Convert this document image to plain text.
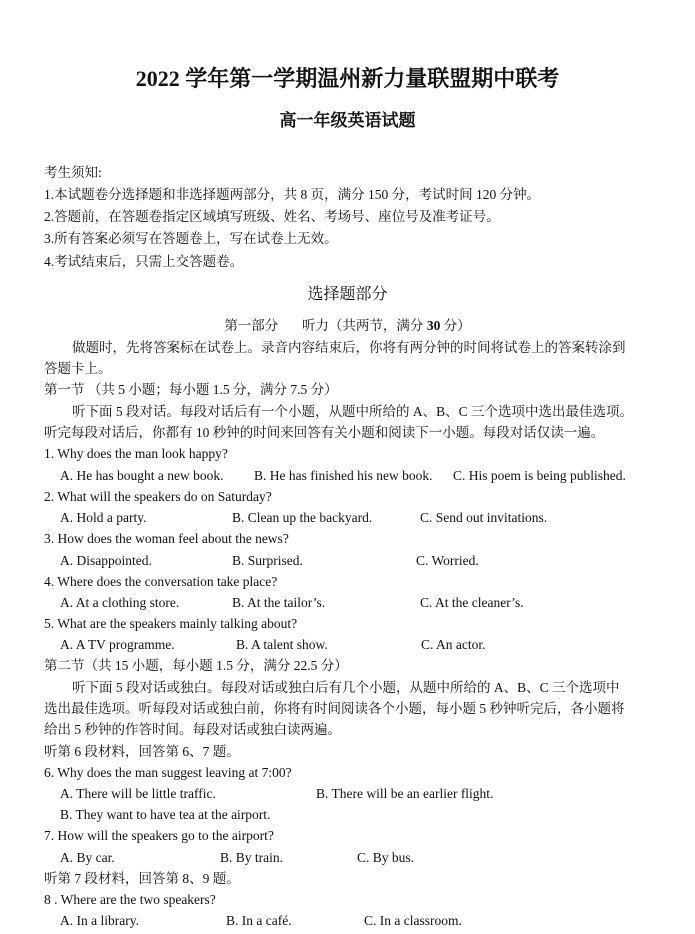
2022 学年第一学期温州新力量联盟期中联考
高一年级英语试题
考生须知:
1.本试题卷分选择题和非选择题两部分，共 8 页，满分 150 分，考试时间 120 分钟。
2.答题前，在答题卷指定区域填写班级、姓名、考场号、座位号及准考证号。
3.所有答案必须写在答题卷上，写在试卷上无效。
4.考试结束后，只需上交答题卷。
选择题部分
第一部分 听力（共两节，满分 30 分）
做题时，先将答案标在试卷上。录音内容结束后，你将有两分钟的时间将试卷上的答案转涂到
答题卡上。
第一节 （共 5 小题；每小题 1.5 分，满分 7.5 分）
听下面 5 段对话。每段对话后有一个小题，从题中所给的 A、B、C 三个选项中选出最佳选项。
听完每段对话后，你都有 10 秒钟的时间来回答有关小题和阅读下一小题。每段对话仅读一遍。
1. Why does the man look happy?
A. He has bought a new book. B. He has finished his new book. C. His poem is being published.
2. What will the speakers do on Saturday?
A. Hold a party.	B. Clean up the backyard.	C. Send out invitations.
3. How does the woman feel about the news?
A. Disappointed.	B. Surprised.	C. Worried.
4. Where does the conversation take place?
A. At a clothing store.	B. At the tailor’s.	C. At the cleaner’s.
5. What are the speakers mainly talking about?
A. A TV programme.	B. A talent show.	C. An actor.
第二节（共 15 小题，每小题 1.5 分，满分 22.5 分）
听下面 5 段对话或独白。每段对话或独白后有几个小题，从题中所给的 A、B、C 三个选项中
选出最佳选项。听每段对话或独白前，你将有时间阅读各个小题，每小题 5 秒钟听完后，各小题将
给出 5 秒钟的作答时间。每段对话或独白读两遍。
听第 6 段材料，回答第 6、7 题。
6. Why does the man suggest leaving at 7:00?
A. There will be little traffic.	B. There will be an earlier flight.
B. They want to have tea at the airport.
7. How will the speakers go to the airport?
A. By car.	B. By train.	C. By bus.
听第 7 段材料，回答第 8、9 题。
8 . Where are the two speakers?
A. In a library.	B. In a café.	C. In a classroom.
